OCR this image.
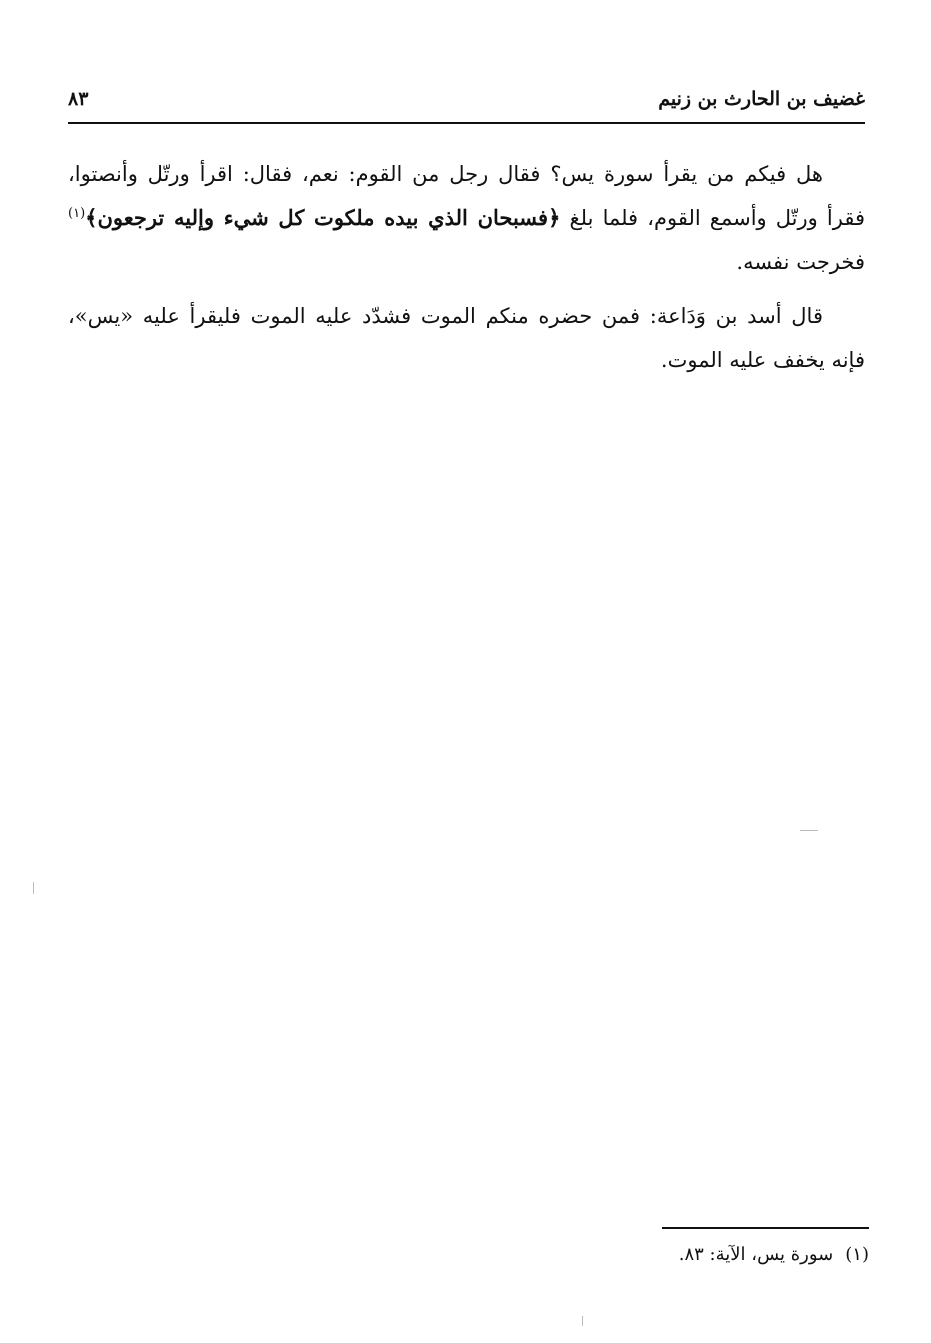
غضيف بن الحارث بن زنيم
٨٣

هل فيكم من يقرأ سورة يس؟ فقال رجل من القوم: نعم، فقال: اقرأ ورتّل وأنصتوا، فقرأ ورتّل وأسمع القوم، فلما بلغ ﴿فسبحان الذي بيده ملكوت كل شيء وإليه ترجعون﴾$^{(١)}$ فخرجت نفسه.

قال أسد بن وَدَاعة: فمن حضره منكم الموت فشدّد عليه الموت فليقرأ عليه «يس»، فإنه يخفف عليه الموت.

(١)سورة يس، الآية: ٨٣.
